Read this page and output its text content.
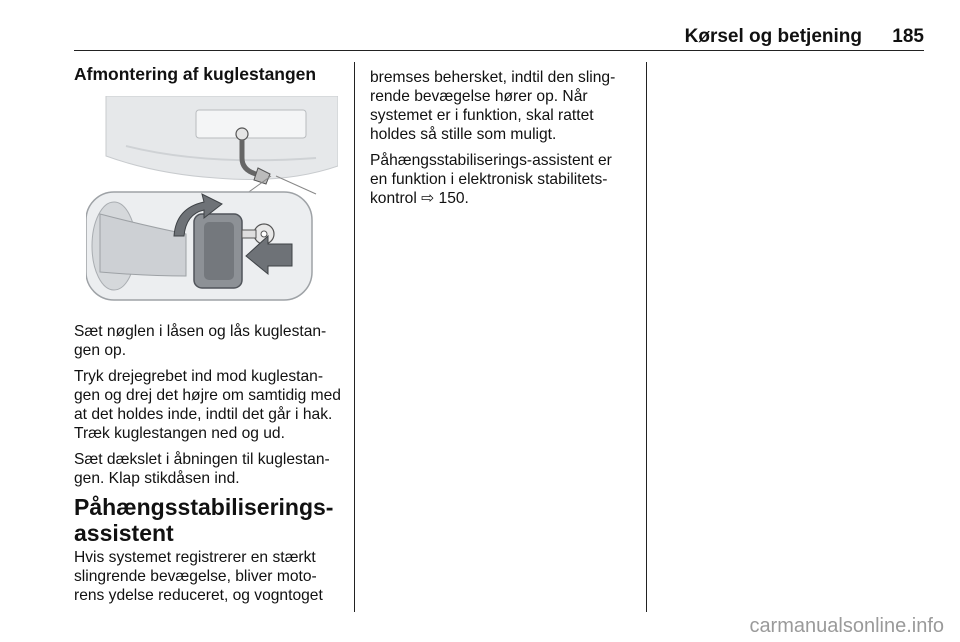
Kørsel og betjening 185
Afmontering af kuglestangen

Sæt nøglen i låsen og lås kuglestan-gen op.

Tryk drejegrebet ind mod kuglestan-gen og drej det højre om samtidig med at det holdes inde, indtil det går i hak. Træk kuglestangen ned og ud.

Sæt dækslet i åbningen til kuglestan-gen. Klap stikdåsen ind.

Påhængsstabiliserings-assistent

Hvis systemet registrerer en stærkt slingrende bevægelse, bliver moto-rens ydelse reduceret, og vogntoget

bremses behersket, indtil den sling-rende bevægelse hører op. Når systemet er i funktion, skal rattet holdes så stille som muligt.

Påhængsstabiliserings-assistent er en funktion i elektronisk stabilitets-kontrol ⇨ 150.

carmanualsonline.info
